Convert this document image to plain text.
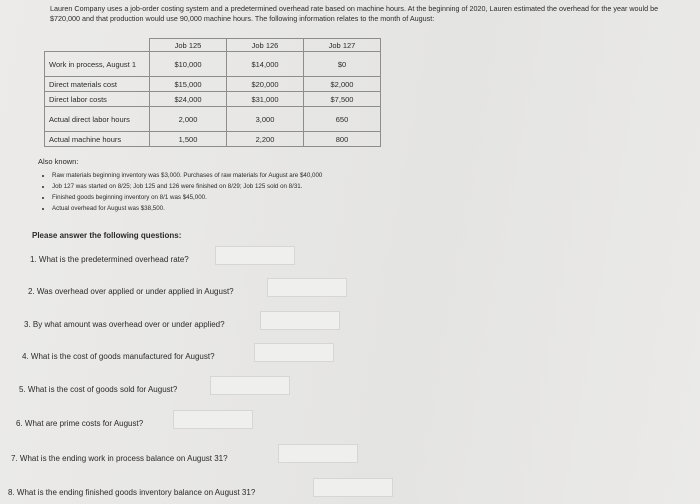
Lauren Company uses a job-order costing system and a predetermined overhead rate based on machine hours. At the beginning of 2020, Lauren estimated the overhead for the year would be $720,000 and that production would use 90,000 machine hours. The following information relates to the month of August:
	Job 125	Job 126	Job 127
Work in process, August 1	$10,000	$14,000	$0
Direct materials cost	$15,000	$20,000	$2,000
Direct labor costs	$24,000	$31,000	$7,500
Actual direct labor hours	2,000	3,000	650
Actual machine hours	1,500	2,200	800
Also known:
• Raw materials beginning inventory was $3,000. Purchases of raw materials for August are $40,000
• Job 127 was started on 8/25; Job 125 and 126 were finished on 8/29; Job 125 sold on 8/31.
• Finished goods beginning inventory on 8/1 was $45,000.
• Actual overhead for August was $38,500.
Please answer the following questions:
1. What is the predetermined overhead rate?
2. Was overhead over applied or under applied in August?
3. By what amount was overhead over or under applied?
4. What is the cost of goods manufactured for August?
5. What is the cost of goods sold for August?
6. What are prime costs for August?
7. What is the ending work in process balance on August 31?
8. What is the ending finished goods inventory balance on August 31?
